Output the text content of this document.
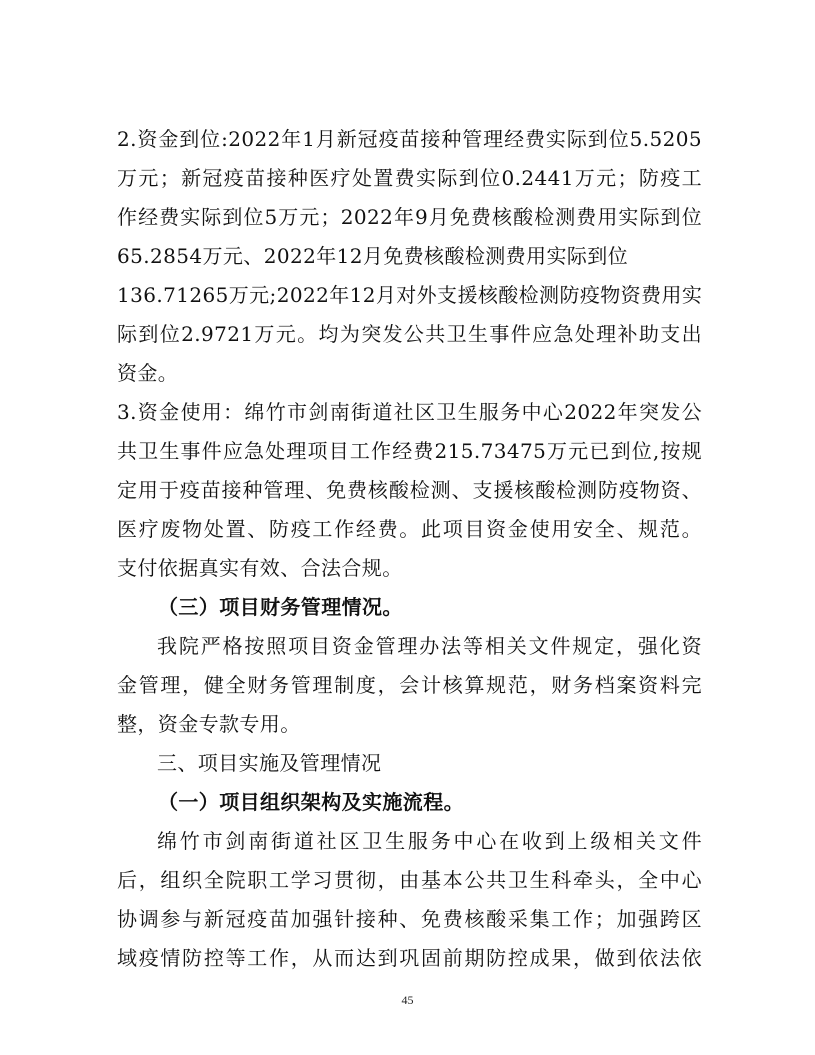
2.资金到位:2022年1月新冠疫苗接种管理经费实际到位5.5205
万元；新冠疫苗接种医疗处置费实际到位0.2441万元；防疫工
作经费实际到位5万元；2022年9月免费核酸检测费用实际到位
65.2854万元、2022年12月免费核酸检测费用实际到位
136.71265万元;2022年12月对外支援核酸检测防疫物资费用实
际到位2.9721万元。均为突发公共卫生事件应急处理补助支出
资金。
3.资金使用：绵竹市剑南街道社区卫生服务中心2022年突发公
共卫生事件应急处理项目工作经费215.73475万元已到位,按规
定用于疫苗接种管理、免费核酸检测、支援核酸检测防疫物资、
医疗废物处置、防疫工作经费。此项目资金使用安全、规范。
支付依据真实有效、合法合规。
（三）项目财务管理情况。
我院严格按照项目资金管理办法等相关文件规定，强化资
金管理，健全财务管理制度，会计核算规范，财务档案资料完
整，资金专款专用。
三、项目实施及管理情况
（一）项目组织架构及实施流程。
绵竹市剑南街道社区卫生服务中心在收到上级相关文件
后，组织全院职工学习贯彻，由基本公共卫生科牵头，全中心
协调参与新冠疫苗加强针接种、免费核酸采集工作；加强跨区
域疫情防控等工作，从而达到巩固前期防控成果，做到依法依
45
